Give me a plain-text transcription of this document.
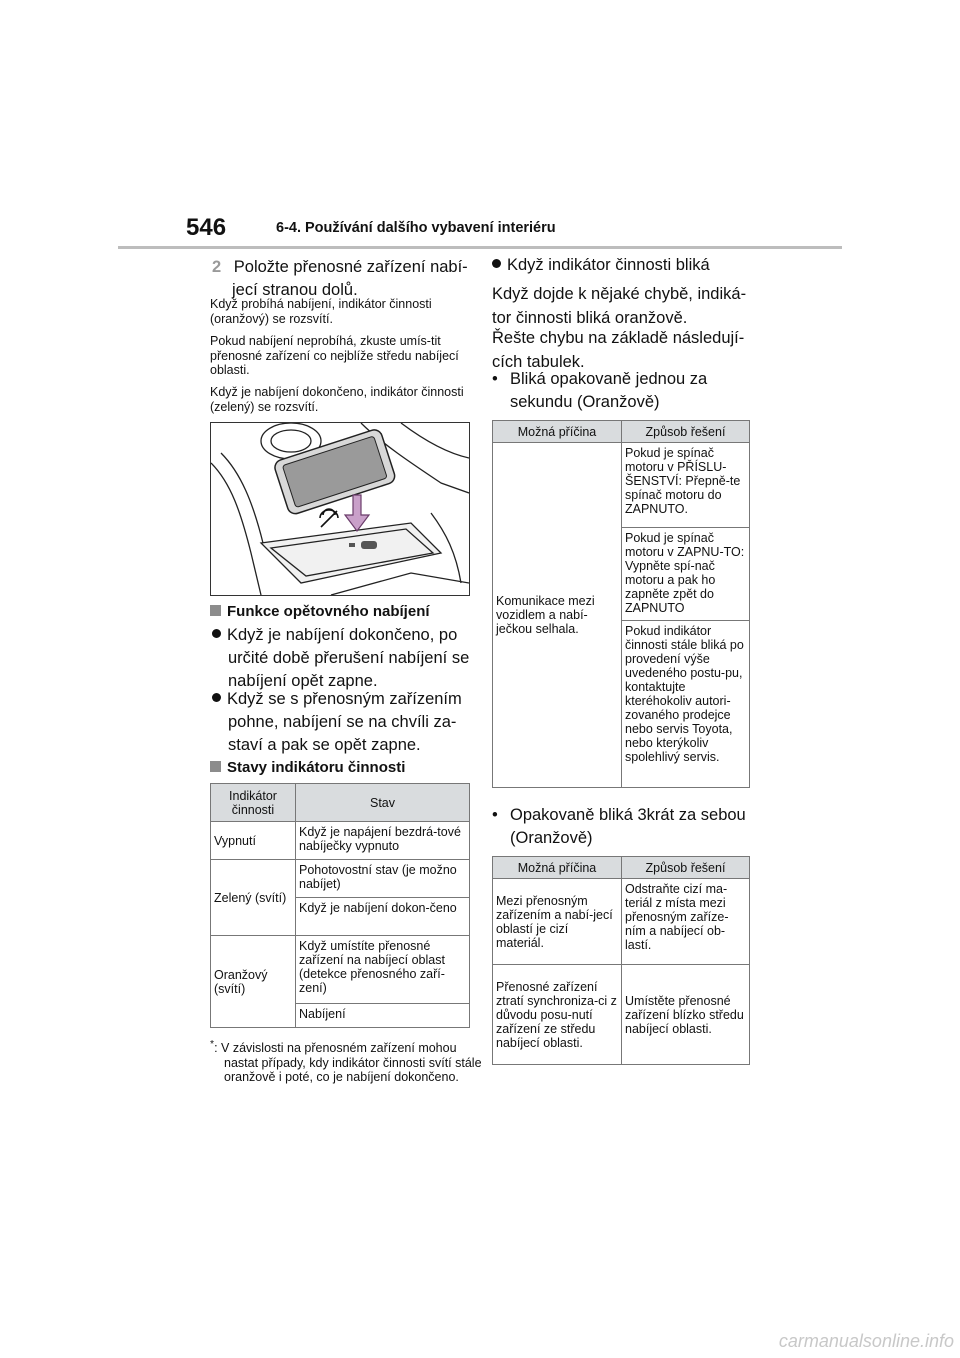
546	6-4. Používání dalšího vybavení interiéru
2 Položte přenosné zařízení nabí-
jecí stranou dolů.
Když probíhá nabíjení, indikátor činnosti (oranžový) se rozsvítí.
Pokud nabíjení neprobíhá, zkuste umís-tit přenosné zařízení co nejblíže středu nabíjecí oblasti.
Když je nabíjení dokončeno, indikátor činnosti (zelený) se rozsvítí.
Funkce opětovného nabíjení
Když je nabíjení dokončeno, po určité době přerušení nabíjení se nabíjení opět zapne.
Když se s přenosným zařízením pohne, nabíjení se na chvíli za-staví a pak se opět zapne.
Stavy indikátoru činnosti
Indikátor činnosti	Stav
Vypnutí	Když je napájení bezdrá-tové nabíječky vypnuto
Zelený (svítí)	Pohotovostní stav (je možno nabíjet)
	Když je nabíjení dokon-čeno
Oranžový (svítí)	Když umístíte přenosné zařízení na nabíjecí oblast (detekce přenosného zaří-zení)
	Nabíjení
*: V závislosti na přenosném zařízení mohou nastat případy, kdy indikátor činnosti svítí stále oranžově i poté, co je nabíjení dokončeno.
Když indikátor činnosti bliká
Když dojde k nějaké chybě, indiká-tor činnosti bliká oranžově.
Řešte chybu na základě následují-cích tabulek.
• Bliká opakovaně jednou za sekundu (Oranžově)
Možná příčina	Způsob řešení
Komunikace mezi vozidlem a nabí-ječkou selhala.	Pokud je spínač motoru v PŘÍSLU-ŠENSTVÍ: Přepně-te spínač motoru do ZAPNUTO.
	Pokud je spínač motoru v ZAPNU-TO: Vypněte spí-nač motoru a pak ho zapněte zpět do ZAPNUTO
	Pokud indikátor činnosti stále bliká po provedení výše uvedeného postu-pu, kontaktujte kteréhokoliv autori-zovaného prodejce nebo servis Toyota, nebo kterýkoliv spolehlivý servis.
• Opakovaně bliká 3krát za sebou (Oranžově)
Možná příčina	Způsob řešení
Mezi přenosným zařízením a nabí-jecí oblastí je cizí materiál.	Odstraňte cizí ma-teriál z místa mezi přenosným zaříze-ním a nabíjecí ob-lastí.
Přenosné zařízení ztratí synchroniza-ci z důvodu posu-nutí zařízení ze středu nabíjecí oblasti.	Umístěte přenosné zařízení blízko středu nabíjecí oblasti.
carmanualsonline.info
